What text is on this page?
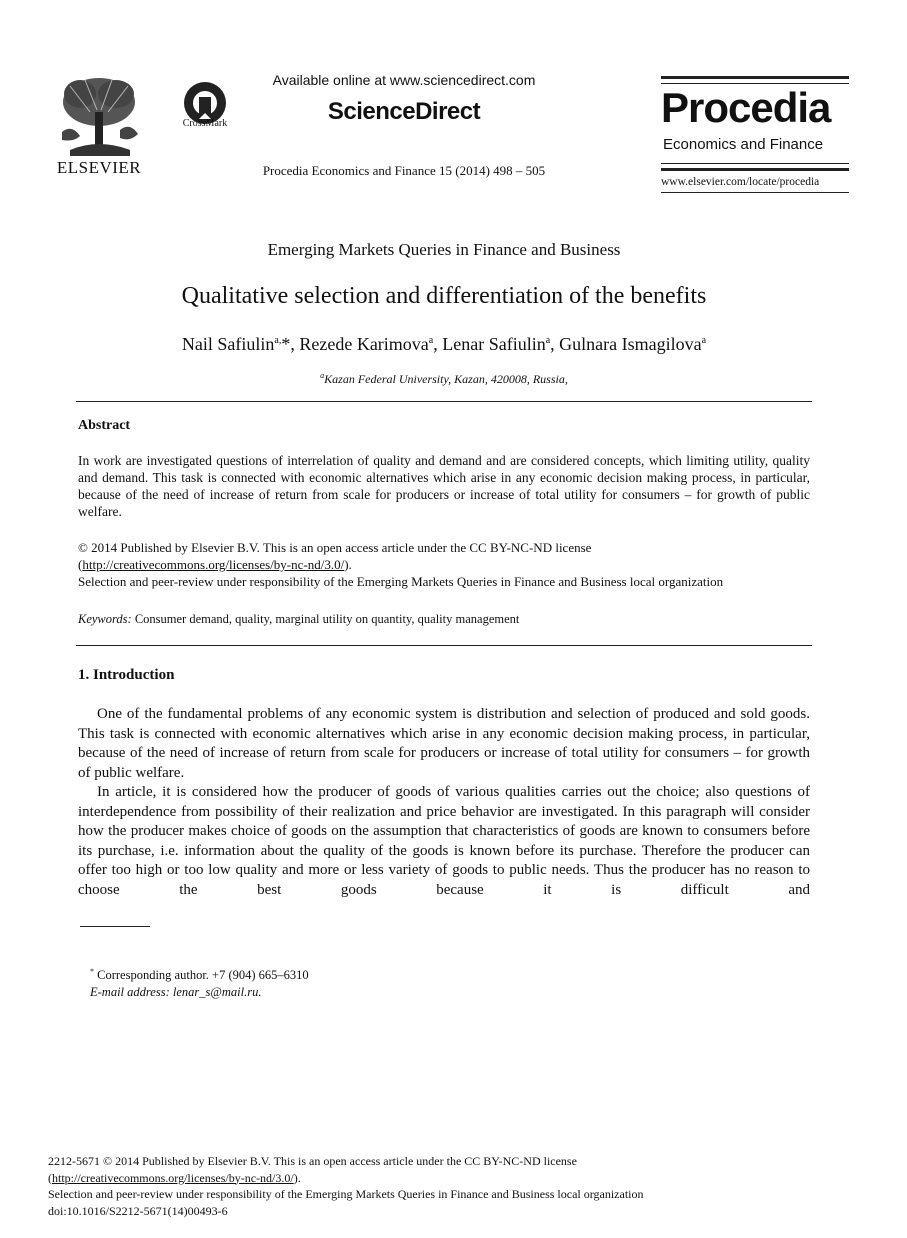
ELSEVIER
CrossMark
Available online at www.sciencedirect.com
ScienceDirect
Procedia Economics and Finance 15 (2014) 498 – 505
Procedia
Economics and Finance
www.elsevier.com/locate/procedia
Emerging Markets Queries in Finance and Business
Qualitative selection and differentiation of the benefits
Nail Safiulin$^{a,}$*, Rezede Karimova$^a$, Lenar Safiulin$^a$, Gulnara Ismagilova$^a$
$^a$Kazan Federal University, Kazan, 420008, Russia,
Abstract
In work are investigated questions of interrelation of quality and demand and are considered concepts, which limiting utility, quality and demand. This task is connected with economic alternatives which arise in any economic decision making process, in particular, because of the need of increase of return from scale for producers or increase of total utility for consumers – for growth of public welfare.
© 2014 Published by Elsevier B.V. This is an open access article under the CC BY-NC-ND license
(http://creativecommons.org/licenses/by-nc-nd/3.0/).
Selection and peer-review under responsibility of the Emerging Markets Queries in Finance and Business local organization
Keywords: Consumer demand, quality, marginal utility on quantity, quality management
1. Introduction

One of the fundamental problems of any economic system is distribution and selection of produced and sold goods. This task is connected with economic alternatives which arise in any economic decision making process, in particular, because of the need of increase of return from scale for producers or increase of total utility for consumers – for growth of public welfare.

In article, it is considered how the producer of goods of various qualities carries out the choice; also questions of interdependence from possibility of their realization and price behavior are investigated. In this paragraph will consider how the producer makes choice of goods on the assumption that characteristics of goods are known to consumers before its purchase, i.e. information about the quality of the goods is known before its purchase. Therefore the producer can offer too high or too low quality and more or less variety of goods to public needs. Thus the producer has no reason to choose the best goods because it is difficult and

* Corresponding author. +7 (904) 665–6310
E-mail address: lenar_s@mail.ru.
2212-5671 © 2014 Published by Elsevier B.V. This is an open access article under the CC BY-NC-ND license
(http://creativecommons.org/licenses/by-nc-nd/3.0/).
Selection and peer-review under responsibility of the Emerging Markets Queries in Finance and Business local organization
doi:10.1016/S2212-5671(14)00493-6
